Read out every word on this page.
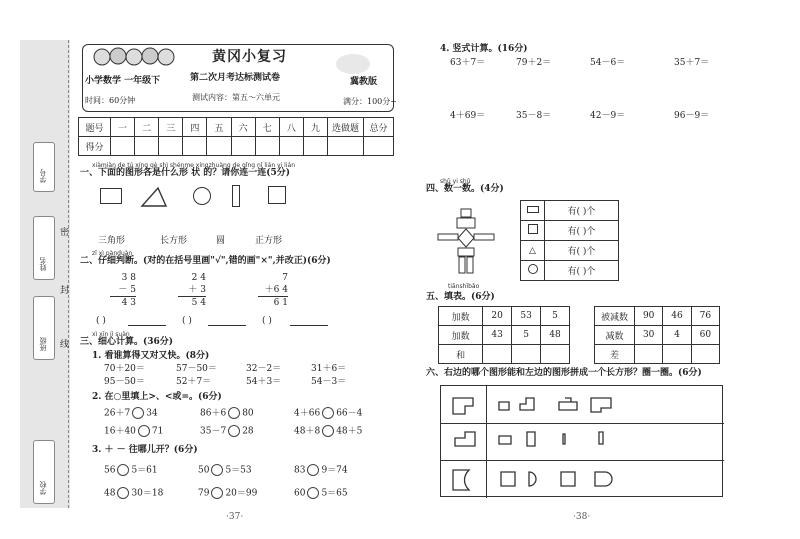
学号
姓名
班级
学校
密
封
线
黄冈小复习
小学数学 一年级下	第二次月考达标测试卷	冀教版
时间：60分钟	测试内容：第五～六单元	满分：100分+
题号	一	二	三	四	五	六	七	八	九	选做题	总分
得分											
xiàmiàn de tú xíng gè shì shénme xíngzhuàng de qǐng nǐ lián yi lián
一、下面的图形各是什么形 状 的？请你连一连(5分)
三角形	长方形	圆	正方形
zǐ xì pànduàn
二、仔细判断。(对的在括号里画"√",错的画"×",并改正)(6分)
3 8
－ 5
4 3
2 4
＋ 3
5 4
7
＋6 4
6 1
( )	( )	( )
xì xīn jì suàn
三、细心计算。(36分)
1. 看谁算得又对又快。(8分)
70＋20＝	57－50＝	32－2＝	31＋6＝
95－50＝	52＋7＝	54＋3＝	54－3＝
2. 在○里填上>、<或=。(6分)
26＋7 34	86＋6 80	4＋66 66－4
16＋40 71	35－7 28	48＋8 48＋5
3. ＋ － 往哪儿开？(6分)
56 5＝61	50 5＝53	83 9＝74
48 30＝18	79 20＝99	60 5＝65
·37·
4. 竖式计算。(16分)
63＋7＝	79＋2＝	54－6＝	35＋7＝
4＋69＝	35－8＝	42－9＝	96－9＝
shǔ yi shǔ
四、数一数。(4分)
tiānshǐbǎo
	有( )个
	有( )个
△	有( )个
	有( )个
五、填表。(6分)
加数	20	53	5
加数	43	5	48
和			
被减数	90	46	76
减数	30	4	60
差			
六、右边的哪个图形能和左边的图形拼成一个长方形？圈一圈。(6分)
·38·
